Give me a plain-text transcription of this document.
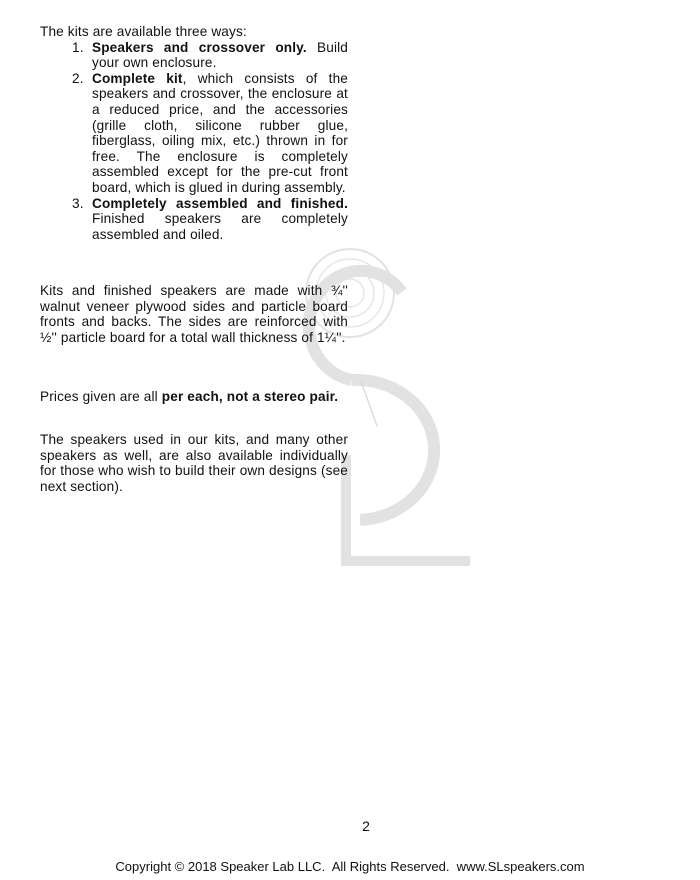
The kits are available three ways:
1. Speakers and crossover only. Build your own enclosure.
2. Complete kit, which consists of the speakers and crossover, the enclosure at a reduced price, and the accessories (grille cloth, silicone rubber glue, fiberglass, oiling mix, etc.) thrown in for free. The enclosure is completely assembled except for the pre-cut front board, which is glued in during assembly.
3. Completely assembled and finished. Finished speakers are completely assembled and oiled.

Kits and finished speakers are made with ¾'' walnut veneer plywood sides and particle board fronts and backs. The sides are reinforced with ½'' particle board for a total wall thickness of 1¼''.

Prices given are all per each, not a stereo pair.

The speakers used in our kits, and many other speakers as well, are also available individually for those who wish to build their own designs (see next section).

2
Copyright © 2018 Speaker Lab LLC.  All Rights Reserved.  www.SLspeakers.com
